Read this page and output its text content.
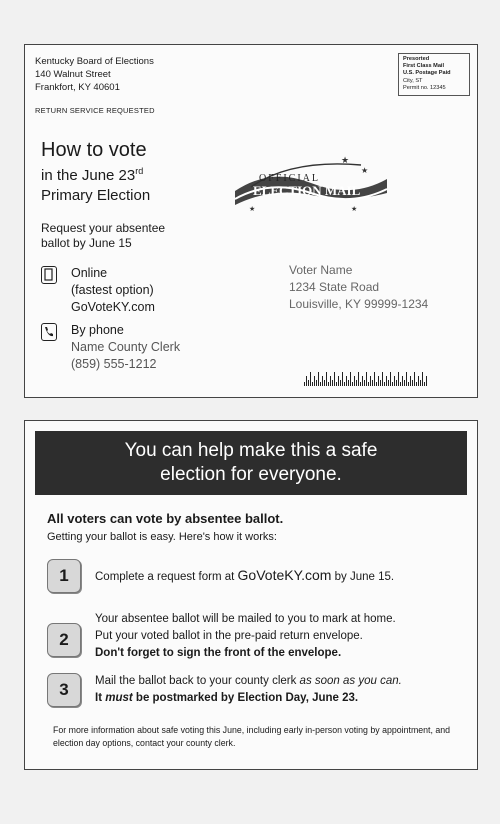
Kentucky Board of Elections
140 Walnut Street
Frankfort, KY 40601
RETURN SERVICE REQUESTED
Presorted
First Class Mail
U.S. Postage Paid
City, ST
Permit no. 12345
How to vote
in the June 23rd
Primary Election
Request your absentee
ballot by June 15
Online
(fastest option)
GoVoteKY.com
By phone
Name County Clerk
(859) 555-1212
OFFICIAL
ELECTION MAIL
★
★
★	★
Voter Name
1234 State Road
Louisville, KY 99999-1234
You can help make this a safe
election for everyone.
All voters can vote by absentee ballot.
Getting your ballot is easy. Here's how it works:
1	Complete a request form at GoVoteKY.com by June 15.
2
Your absentee ballot will be mailed to you to mark at home.
Put your voted ballot in the pre-paid return envelope.
Don't forget to sign the front of the envelope.
3	Mail the ballot back to your county clerk as soon as you can.
It must be postmarked by Election Day, June 23.
For more information about safe voting this June, including early in-person voting by appointment, and election day options, contact your county clerk.
